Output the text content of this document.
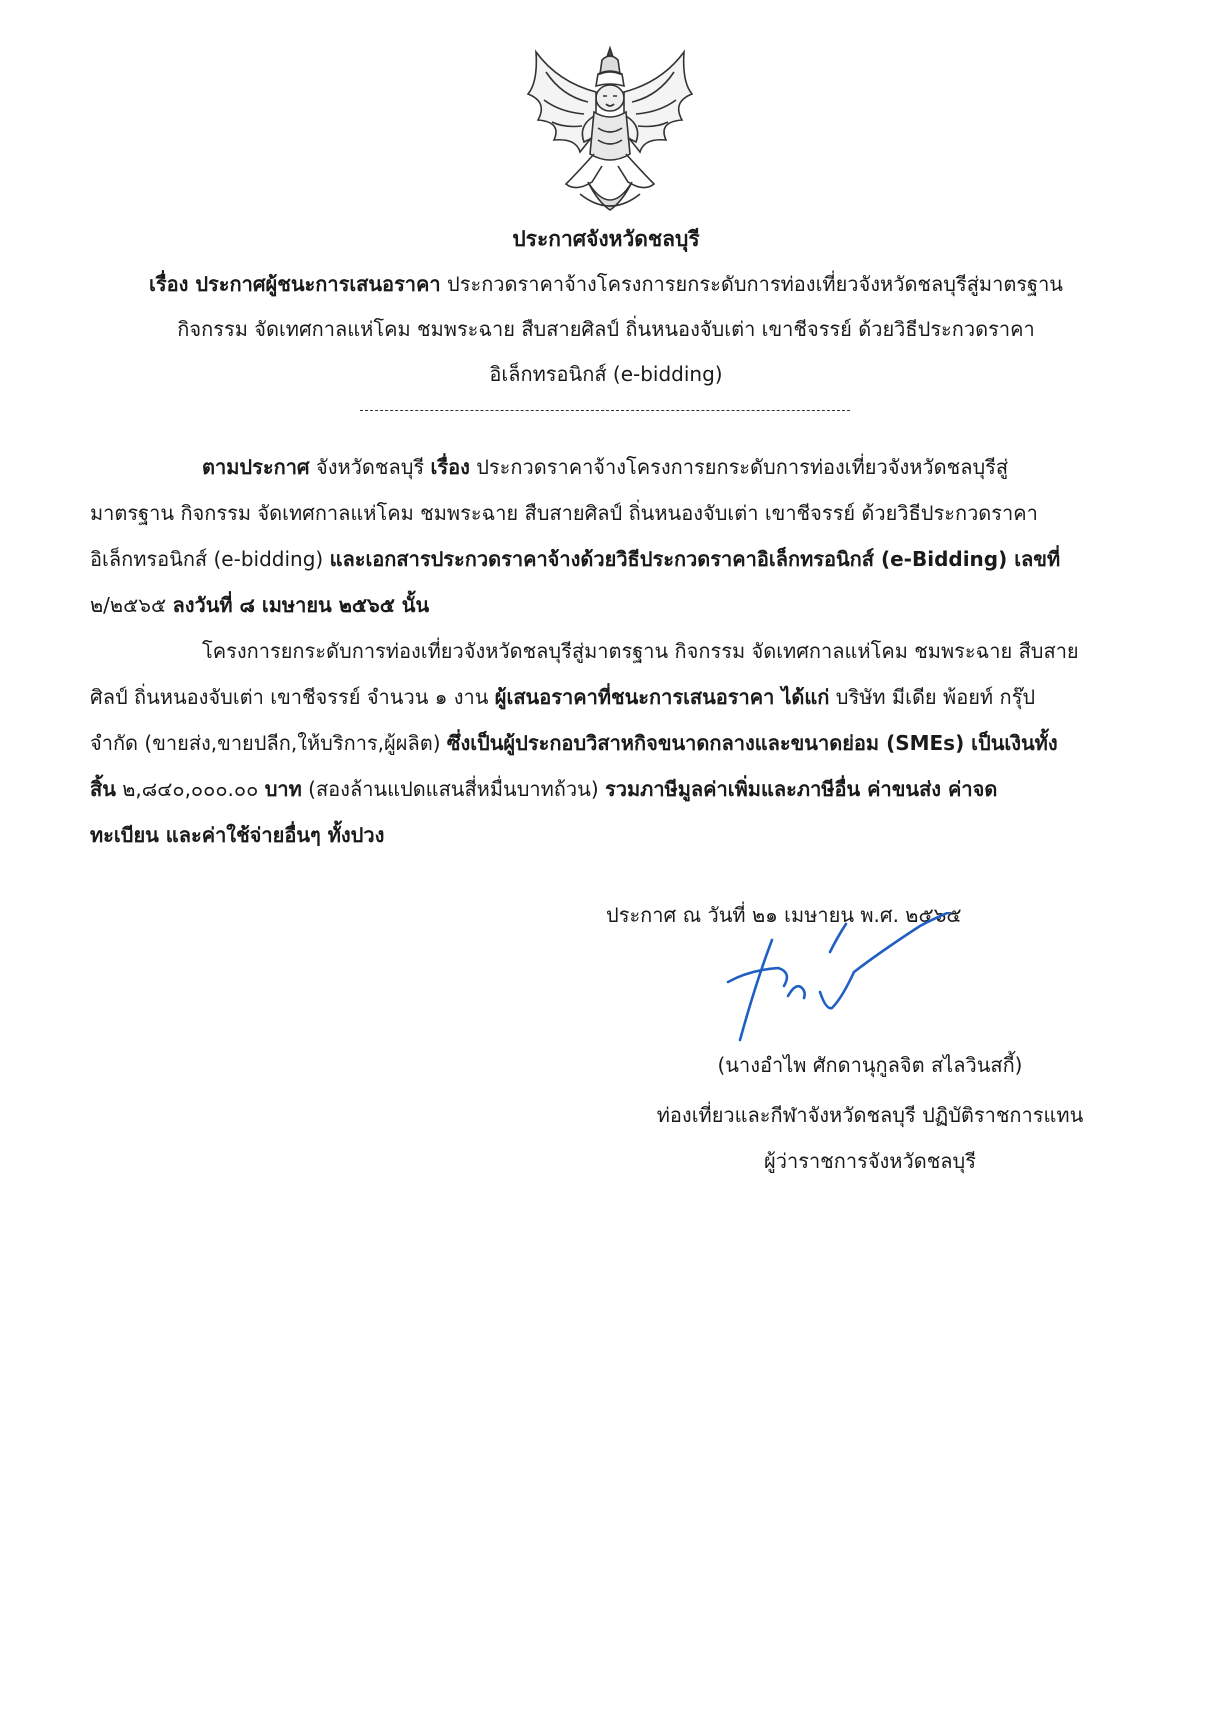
ประกาศจังหวัดชลบุรี
เรื่อง ประกาศผู้ชนะการเสนอราคา ประกวดราคาจ้างโครงการยกระดับการท่องเที่ยวจังหวัดชลบุรีสู่มาตรฐาน
กิจกรรม จัดเทศกาลแห่โคม ชมพระฉาย สืบสายศิลป์ ถิ่นหนองจับเต่า เขาชีจรรย์ ด้วยวิธีประกวดราคา
อิเล็กทรอนิกส์ (e-bidding)
ตามประกาศ จังหวัดชลบุรี เรื่อง ประกวดราคาจ้างโครงการยกระดับการท่องเที่ยวจังหวัดชลบุรีสู่
มาตรฐาน กิจกรรม จัดเทศกาลแห่โคม ชมพระฉาย สืบสายศิลป์ ถิ่นหนองจับเต่า เขาชีจรรย์ ด้วยวิธีประกวดราคา
อิเล็กทรอนิกส์ (e-bidding) และเอกสารประกวดราคาจ้างด้วยวิธีประกวดราคาอิเล็กทรอนิกส์ (e-Bidding) เลขที่
๒/๒๕๖๕ ลงวันที่ ๘ เมษายน ๒๕๖๕ นั้น
โครงการยกระดับการท่องเที่ยวจังหวัดชลบุรีสู่มาตรฐาน กิจกรรม จัดเทศกาลแห่โคม ชมพระฉาย สืบสาย
ศิลป์ ถิ่นหนองจับเต่า เขาชีจรรย์ จำนวน ๑ งาน ผู้เสนอราคาที่ชนะการเสนอราคา ได้แก่ บริษัท มีเดีย พ้อยท์ กรุ๊ป
จำกัด (ขายส่ง,ขายปลีก,ให้บริการ,ผู้ผลิต) ซึ่งเป็นผู้ประกอบวิสาหกิจขนาดกลางและขนาดย่อม (SMEs) เป็นเงินทั้ง
สิ้น ๒,๘๔๐,๐๐๐.๐๐ บาท (สองล้านแปดแสนสี่หมื่นบาทถ้วน) รวมภาษีมูลค่าเพิ่มและภาษีอื่น ค่าขนส่ง ค่าจด
ทะเบียน และค่าใช้จ่ายอื่นๆ ทั้งปวง
ประกาศ ณ วันที่ ๒๑ เมษายน พ.ศ. ๒๕๖๕
(นางอำไพ ศักดานุกูลจิต สไลวินสกี้)
ท่องเที่ยวและกีฬาจังหวัดชลบุรี ปฏิบัติราชการแทน
ผู้ว่าราชการจังหวัดชลบุรี
